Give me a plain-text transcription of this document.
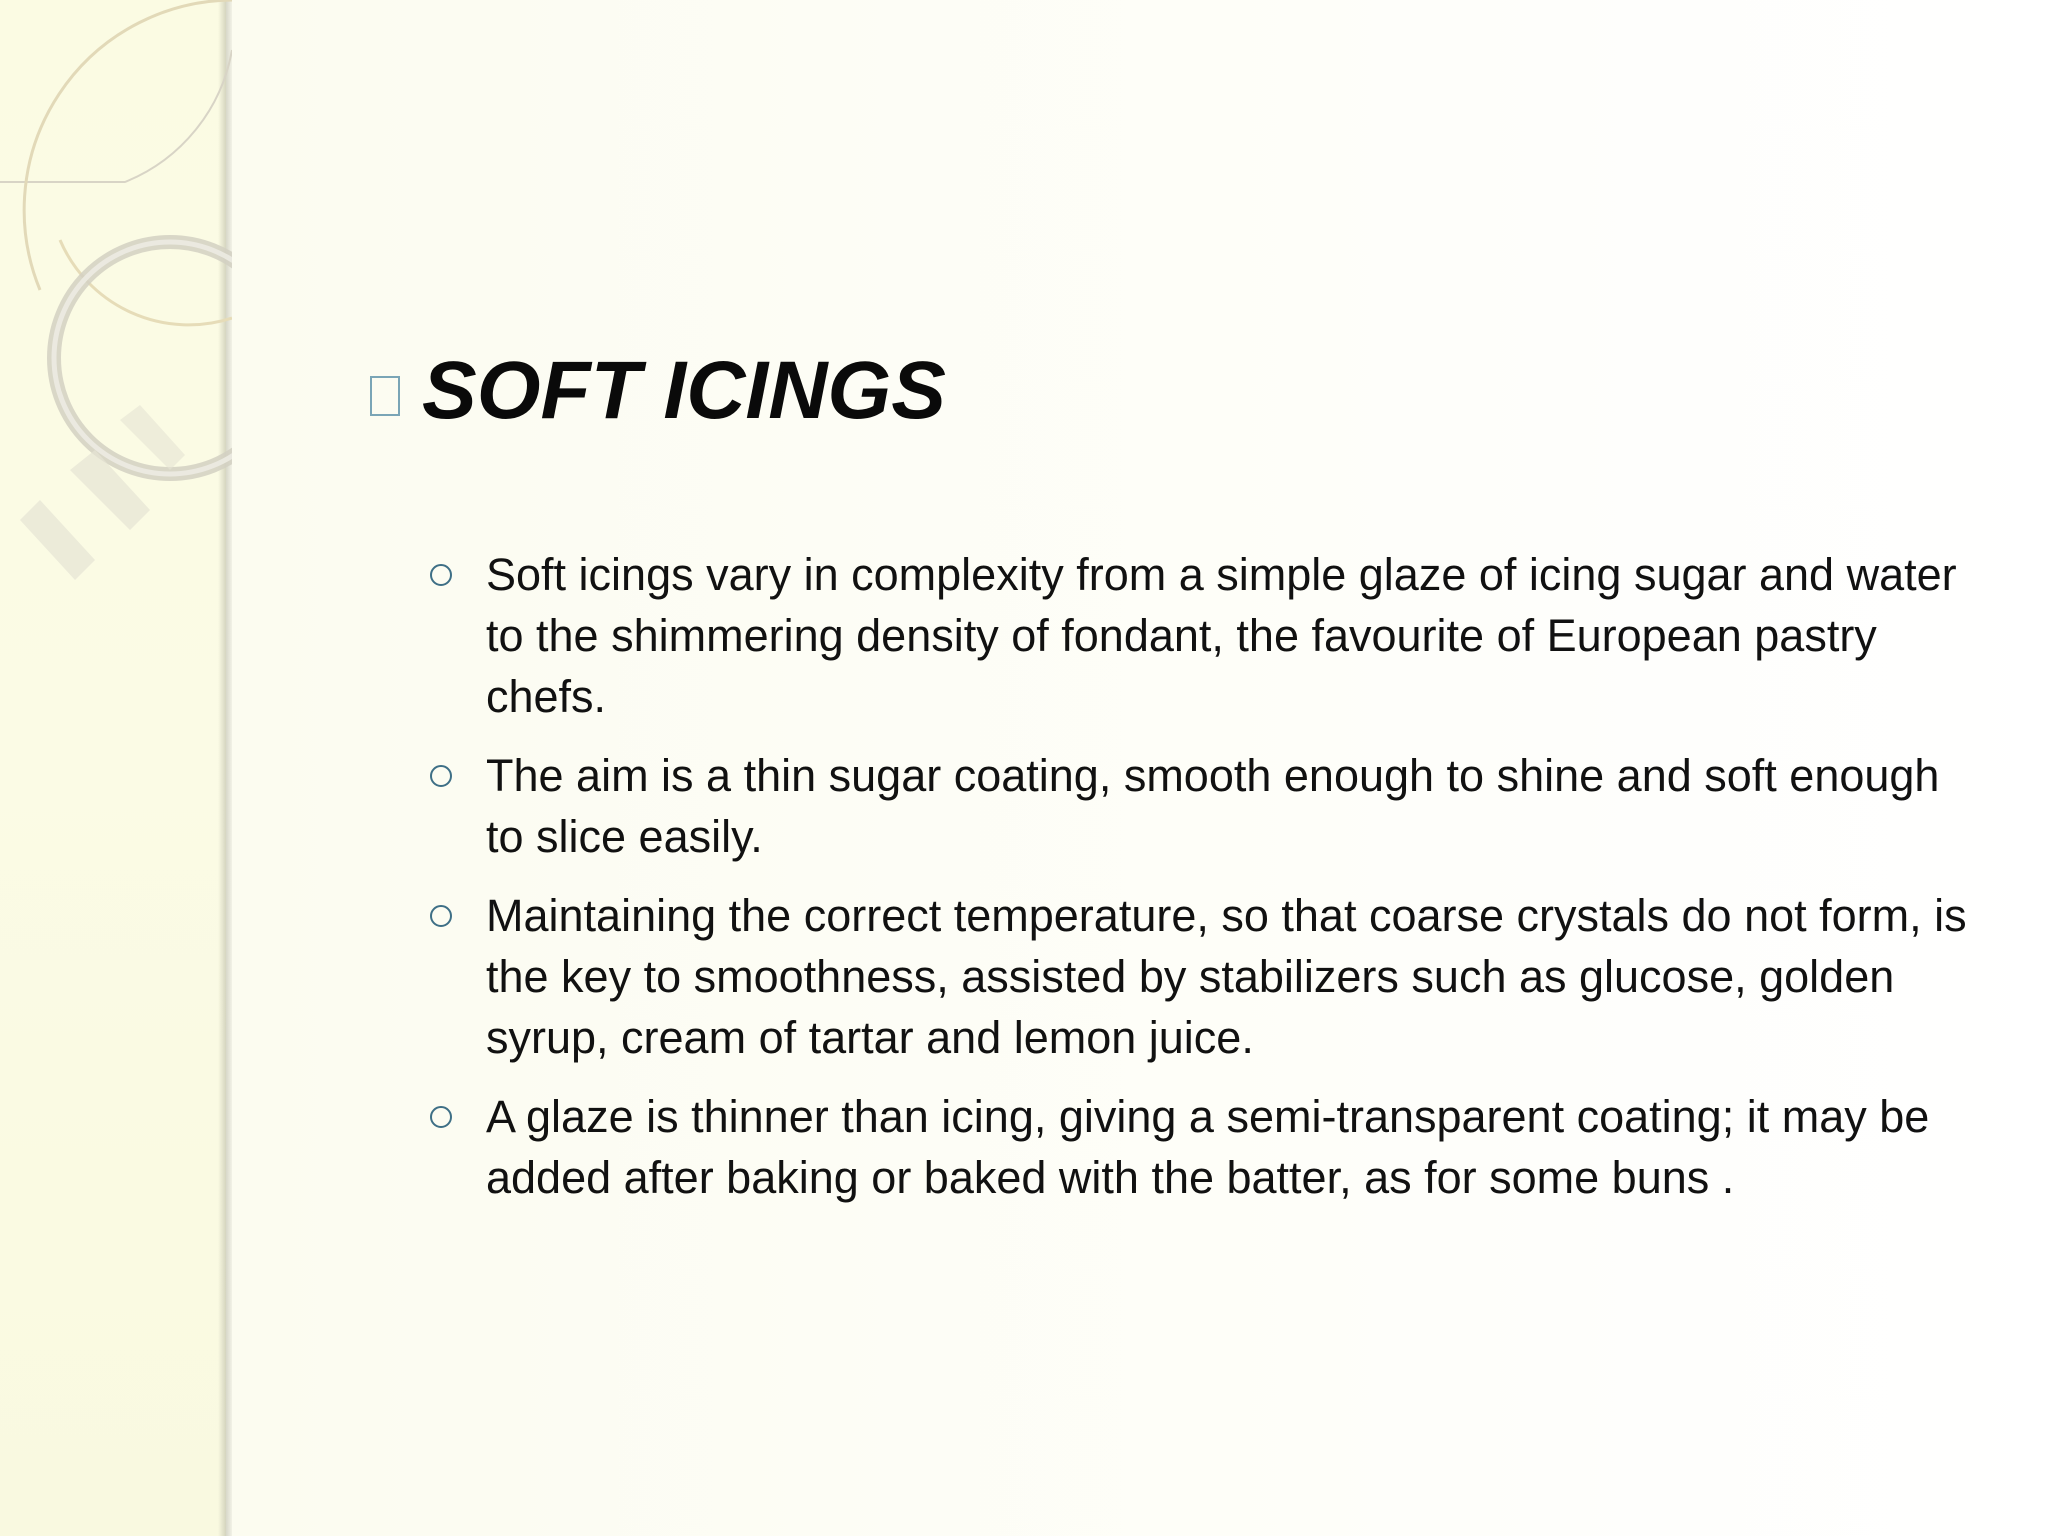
SOFT ICINGS
Soft icings vary in complexity from a simple glaze of icing sugar and water to the shimmering density of fondant, the favourite of European pastry chefs.
The aim is a thin sugar coating, smooth enough to shine and soft enough to slice easily.
Maintaining the correct temperature, so that coarse crystals do not form, is the key to smoothness, assisted by stabilizers such as glucose, golden syrup, cream of tartar and lemon juice.
A glaze is thinner than icing, giving a semi-transparent coating; it may be added after baking or baked with the batter, as for some buns .
